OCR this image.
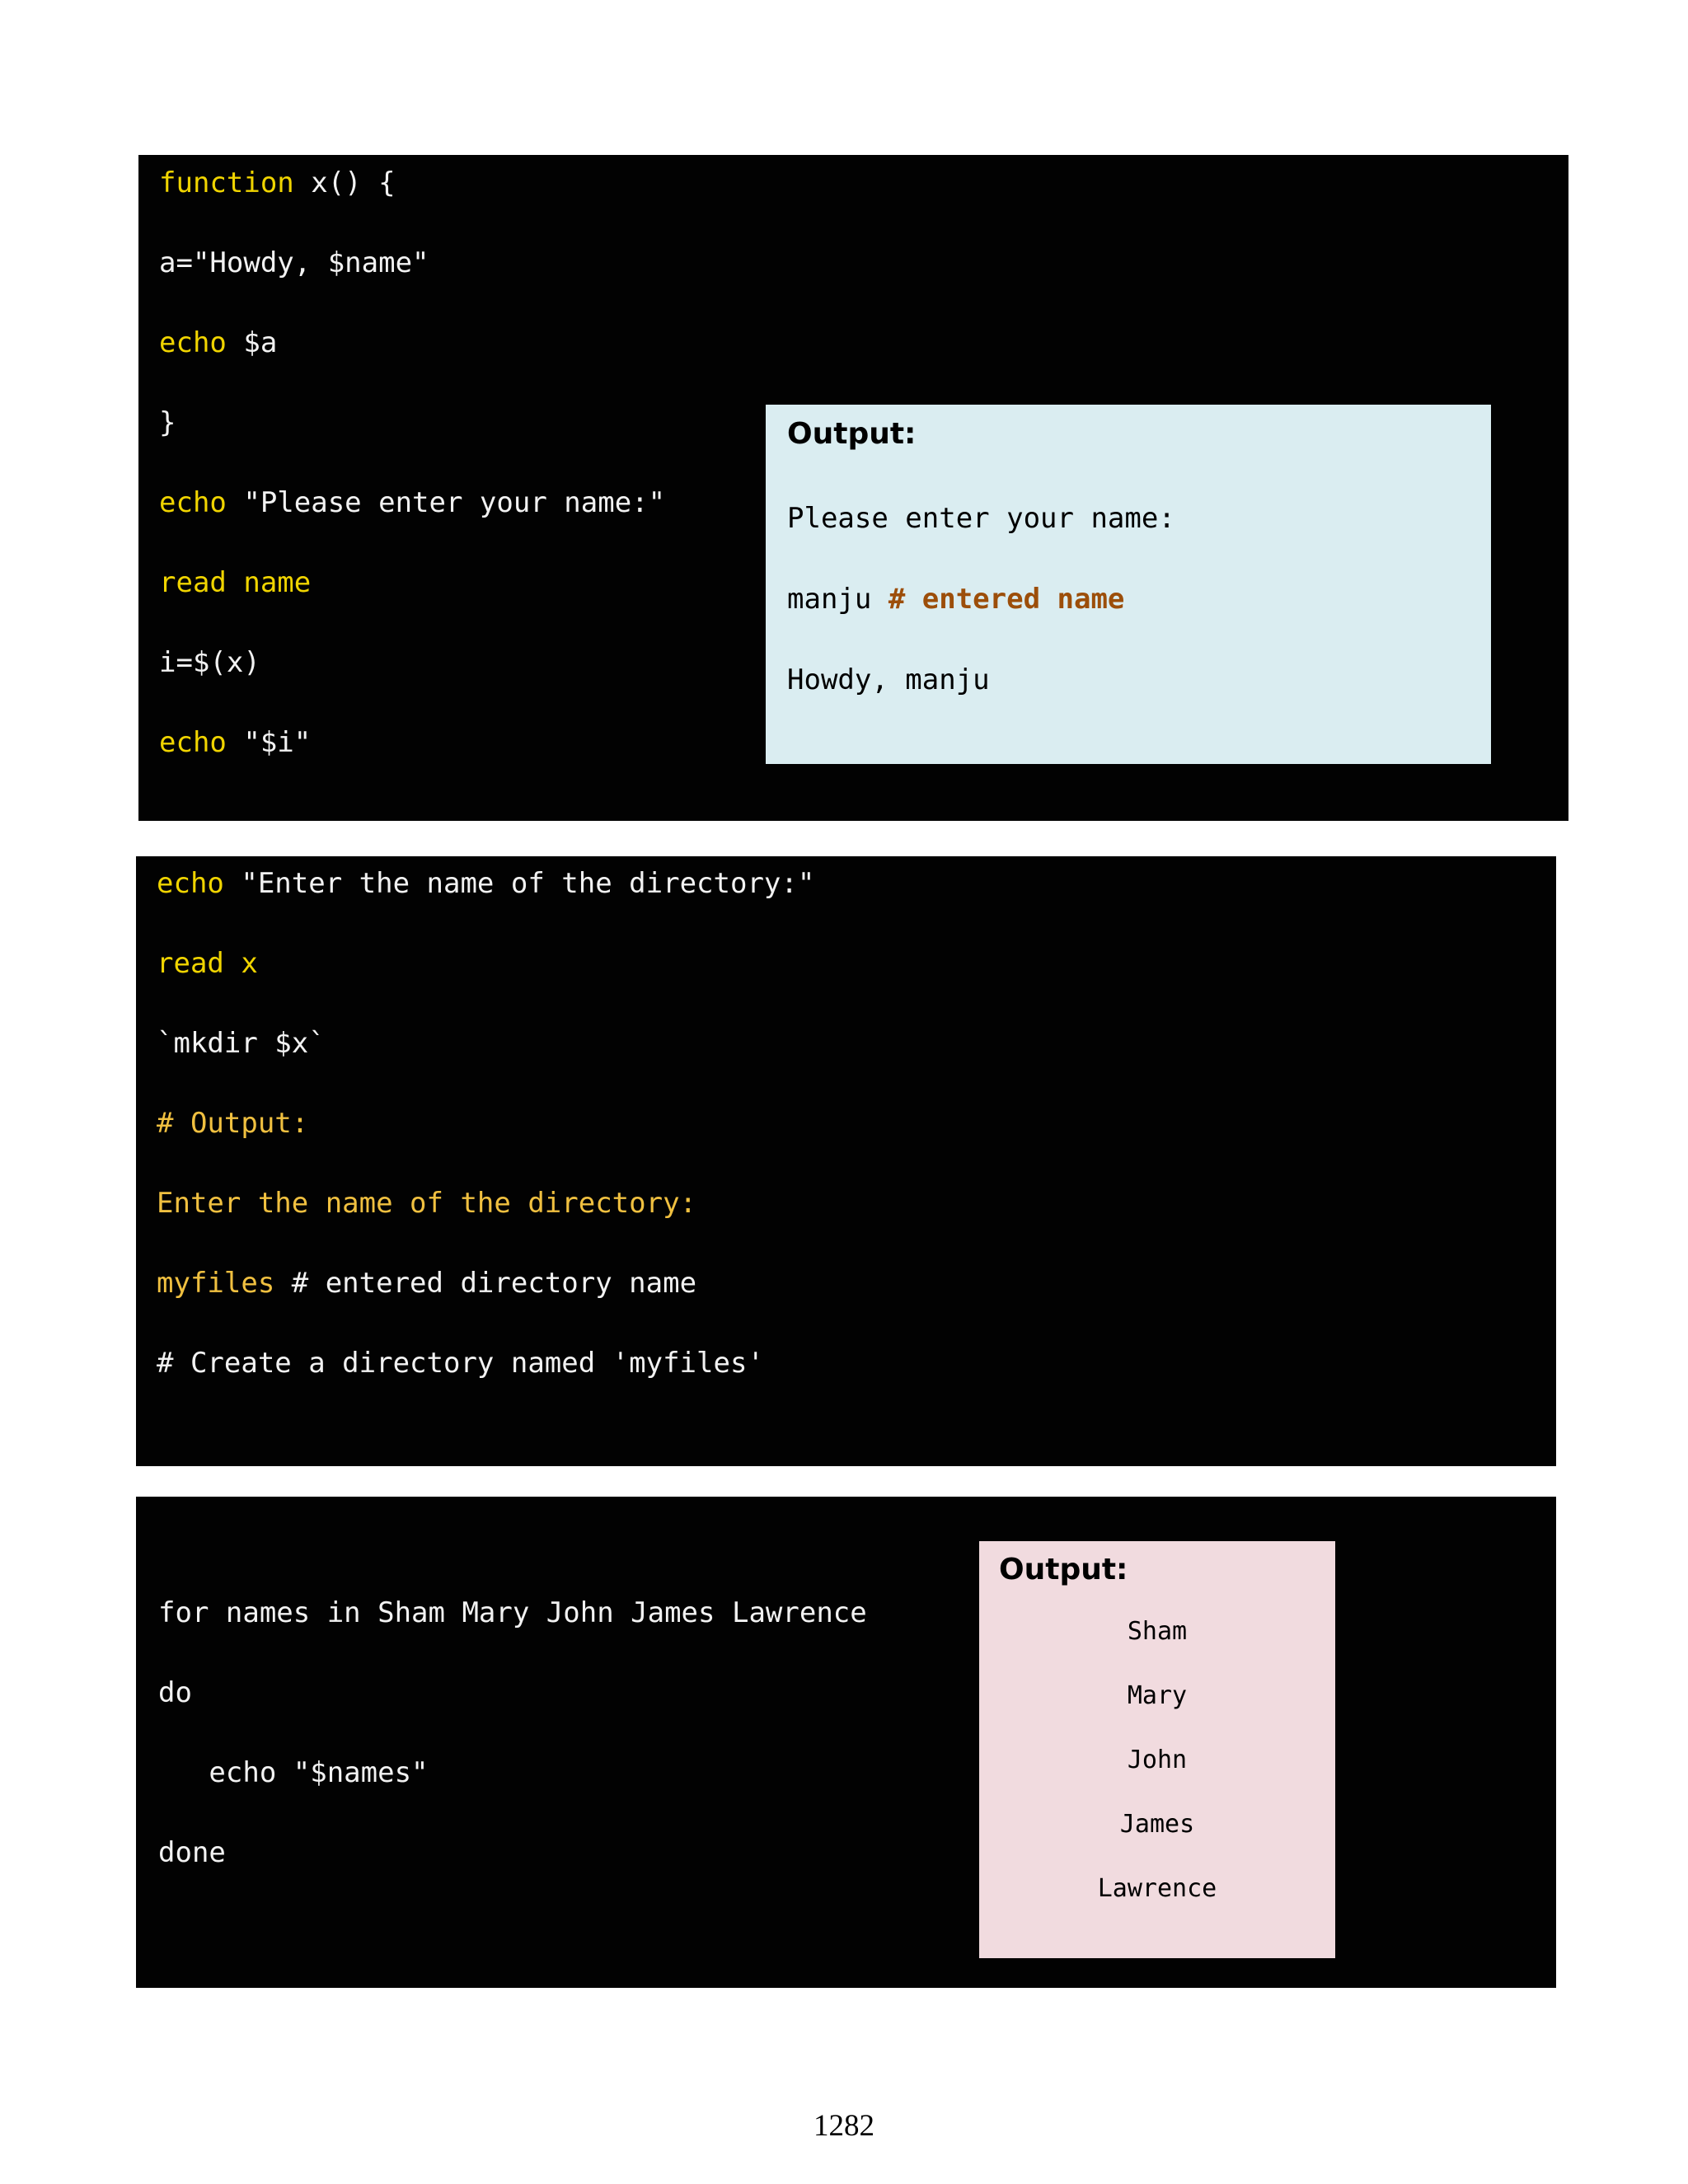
function x() {
a="Howdy, $name"
echo $a
}
echo "Please enter your name:"
read name
i=$(x)
echo "$i"
Output:
Please enter your name:
manju # entered name
Howdy, manju
echo "Enter the name of the directory:"
read x
`mkdir $x`
# Output:
Enter the name of the directory:
myfiles # entered directory name
# Create a directory named 'myfiles'
for names in Sham Mary John James Lawrence
do
echo "$names"
done
Output:
Sham
Mary
John
James
Lawrence
1282
